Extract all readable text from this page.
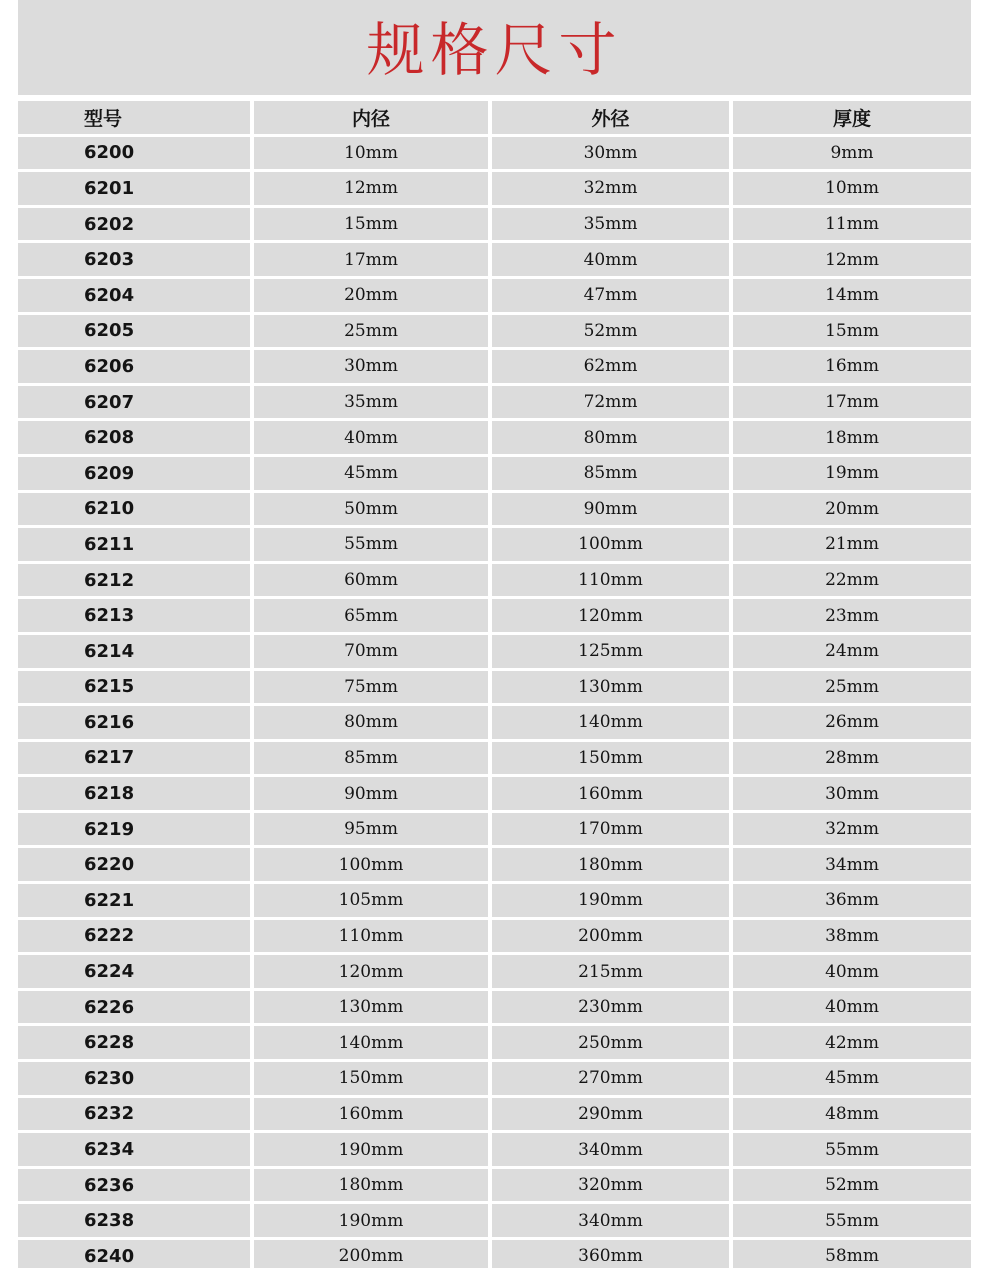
规格尺寸
型号	内径	外径	厚度
6200	10mm	30mm	9mm
6201	12mm	32mm	10mm
6202	15mm	35mm	11mm
6203	17mm	40mm	12mm
6204	20mm	47mm	14mm
6205	25mm	52mm	15mm
6206	30mm	62mm	16mm
6207	35mm	72mm	17mm
6208	40mm	80mm	18mm
6209	45mm	85mm	19mm
6210	50mm	90mm	20mm
6211	55mm	100mm	21mm
6212	60mm	110mm	22mm
6213	65mm	120mm	23mm
6214	70mm	125mm	24mm
6215	75mm	130mm	25mm
6216	80mm	140mm	26mm
6217	85mm	150mm	28mm
6218	90mm	160mm	30mm
6219	95mm	170mm	32mm
6220	100mm	180mm	34mm
6221	105mm	190mm	36mm
6222	110mm	200mm	38mm
6224	120mm	215mm	40mm
6226	130mm	230mm	40mm
6228	140mm	250mm	42mm
6230	150mm	270mm	45mm
6232	160mm	290mm	48mm
6234	190mm	340mm	55mm
6236	180mm	320mm	52mm
6238	190mm	340mm	55mm
6240	200mm	360mm	58mm
